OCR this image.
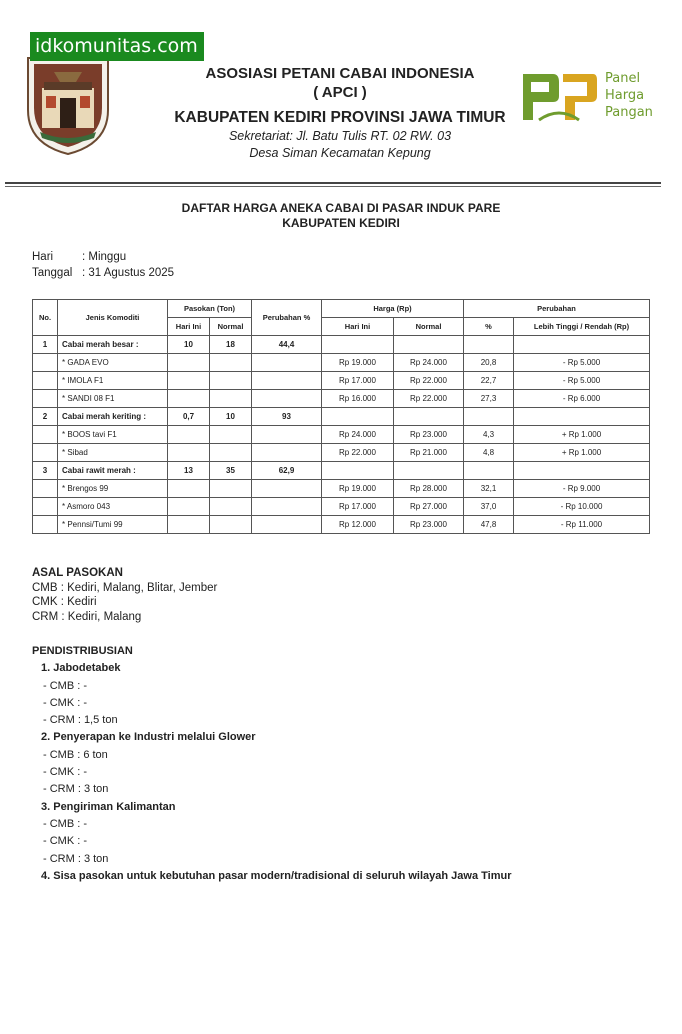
idkomunitas.com
ASOSIASI PETANI CABAI INDONESIA
( APCI )
KABUPATEN KEDIRI PROVINSI JAWA TIMUR
Sekretariat: Jl. Batu Tulis RT. 02 RW. 03
Desa Siman Kecamatan Kepung
Panel
Harga
Pangan
DAFTAR HARGA ANEKA CABAI DI PASAR INDUK PARE
KABUPATEN KEDIRI
Hari	: Minggu
Tanggal : 31 Agustus 2025
No.	Jenis Komoditi	Pasokan (Ton)		Perubahan %	Harga (Rp)		Perubahan	
		Hari Ini	Normal		Hari Ini	Normal	%	Lebih Tinggi / Rendah (Rp)
1	Cabai merah besar :	10	18	44,4				
	* GADA EVO				Rp 19.000	Rp 24.000	20,8	- Rp 5.000
	* IMOLA F1				Rp 17.000	Rp 22.000	22,7	- Rp 5.000
	* SANDI 08 F1				Rp 16.000	Rp 22.000	27,3	- Rp 6.000
2	Cabai merah keriting :	0,7	10	93				
	* BOOS tavi F1				Rp 24.000	Rp 23.000	4,3	+ Rp 1.000
	* Sibad				Rp 22.000	Rp 21.000	4,8	+ Rp 1.000
3	Cabai rawit merah :	13	35	62,9				
	* Brengos 99				Rp 19.000	Rp 28.000	32,1	- Rp 9.000
	* Asmoro 043				Rp 17.000	Rp 27.000	37,0	- Rp 10.000
	* Pennsi/Tumi 99				Rp 12.000	Rp 23.000	47,8	- Rp 11.000
ASAL PASOKAN
CMB : Kediri, Malang, Blitar, Jember
CMK : Kediri
CRM : Kediri, Malang
PENDISTRIBUSIAN
1. Jabodetabek
- CMB : -
- CMK : -
- CRM : 1,5 ton
2. Penyerapan ke Industri melalui Glower
- CMB : 6 ton
- CMK : -
- CRM : 3 ton
3. Pengiriman Kalimantan
- CMB : -
- CMK : -
- CRM : 3 ton
4. Sisa pasokan untuk kebutuhan pasar modern/tradisional di seluruh wilayah Jawa Timur
